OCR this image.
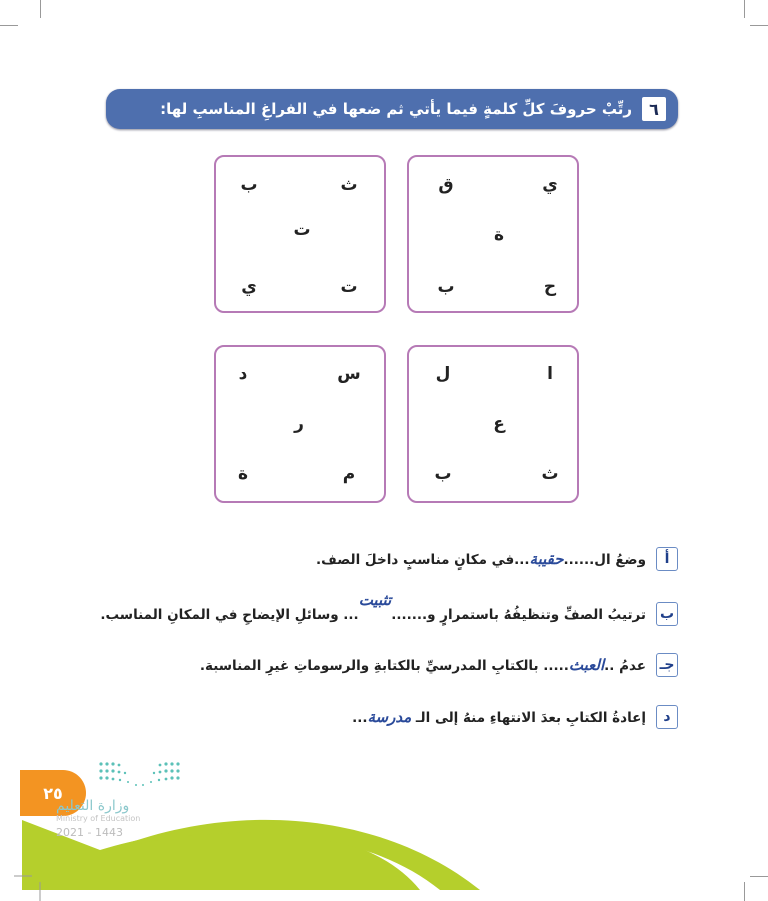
٦
رتِّبْ حروفَ كلِّ كلمةٍ فيما يأتي ثم ضعها في الفراغِ المناسبِ لها:
ي
ق
ة
ح
ب
ث
ب
ت
ت
ي
ا
ل
ع
ث
ب
س
د
ر
م
ة
أ
وضعُ ال......حقيبة...في مكانٍ مناسبٍ داخلَ الصف.
ب
ترتيبُ الصفِّ وتنظيفُهُ باستمرارٍ و.......تثبيت... وسائلِ الإيضاحِ في المكانِ المناسب.
جـ
عدمُ ..العبث..... بالكتابِ المدرسيِّ بالكتابةِ والرسوماتِ غيرِ المناسبة.
د
إعادةُ الكتابِ بعدَ الانتهاءِ منهُ إلى الـ مدرسة...
٢٥
وزارة التعليم
Ministry of Education
2021 - 1443
